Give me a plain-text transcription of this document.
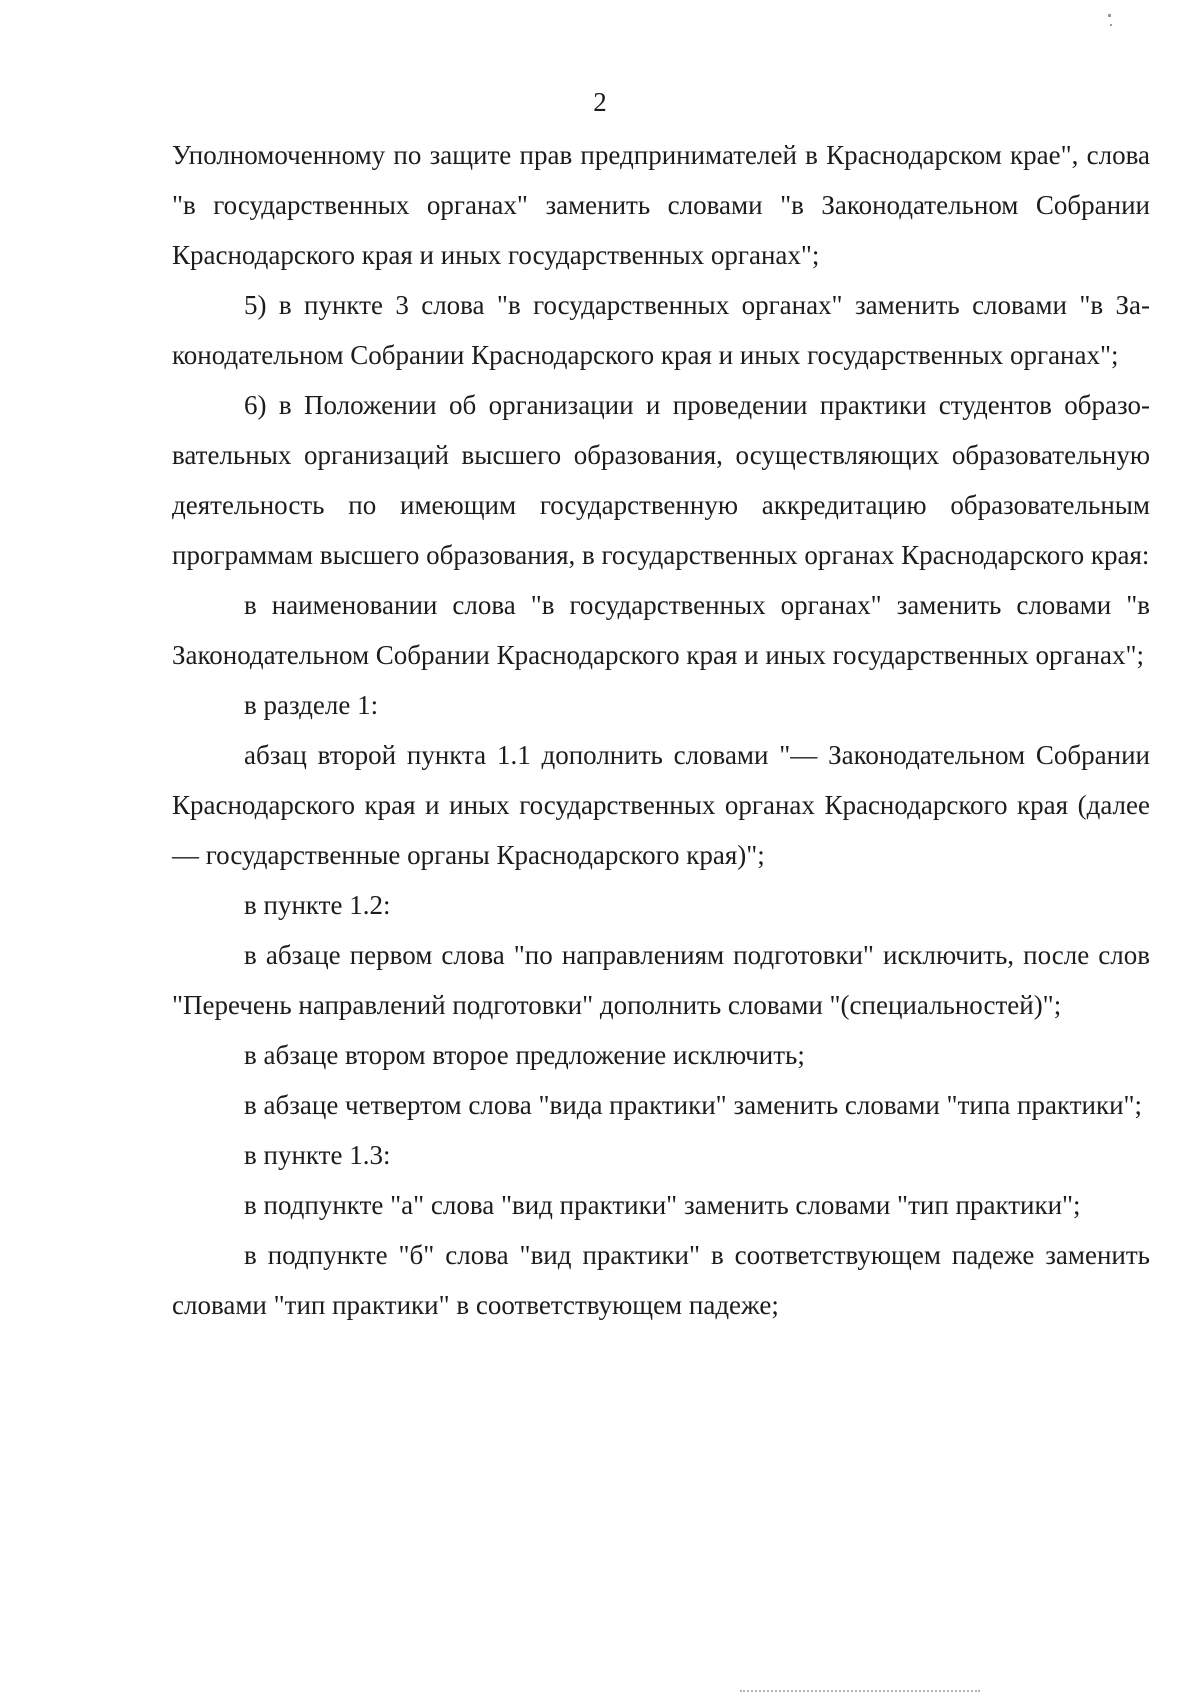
2

Уполномоченному по защите прав предпринимателей в Краснодарском крае", слова "в государственных органах" заменить словами "в Законодательном Собрании Краснодарского края и иных государственных органах";

5) в пункте 3 слова "в государственных органах" заменить словами "в Законодательном Собрании Краснодарского края и иных государственных органах";

6) в Положении об организации и проведении практики студентов образовательных организаций высшего образования, осуществляющих образовательную деятельность по имеющим государственную аккредитацию образовательным программам высшего образования, в государственных органах Краснодарского края:

в наименовании слова "в государственных органах" заменить словами "в Законодательном Собрании Краснодарского края и иных государственных органах";

в разделе 1:

абзац второй пункта 1.1 дополнить словами "— Законодательном Собрании Краснодарского края и иных государственных органах Краснодарского края (далее — государственные органы Краснодарского края)";

в пункте 1.2:

в абзаце первом слова "по направлениям подготовки" исключить, после слов "Перечень направлений подготовки" дополнить словами "(специальностей)";

в абзаце втором второе предложение исключить;

в абзаце четвертом слова "вида практики" заменить словами "типа практики";

в пункте 1.3:

в подпункте "а" слова "вид практики" заменить словами "тип практики";

в подпункте "б" слова "вид практики" в соответствующем падеже заменить словами "тип практики" в соответствующем падеже;
